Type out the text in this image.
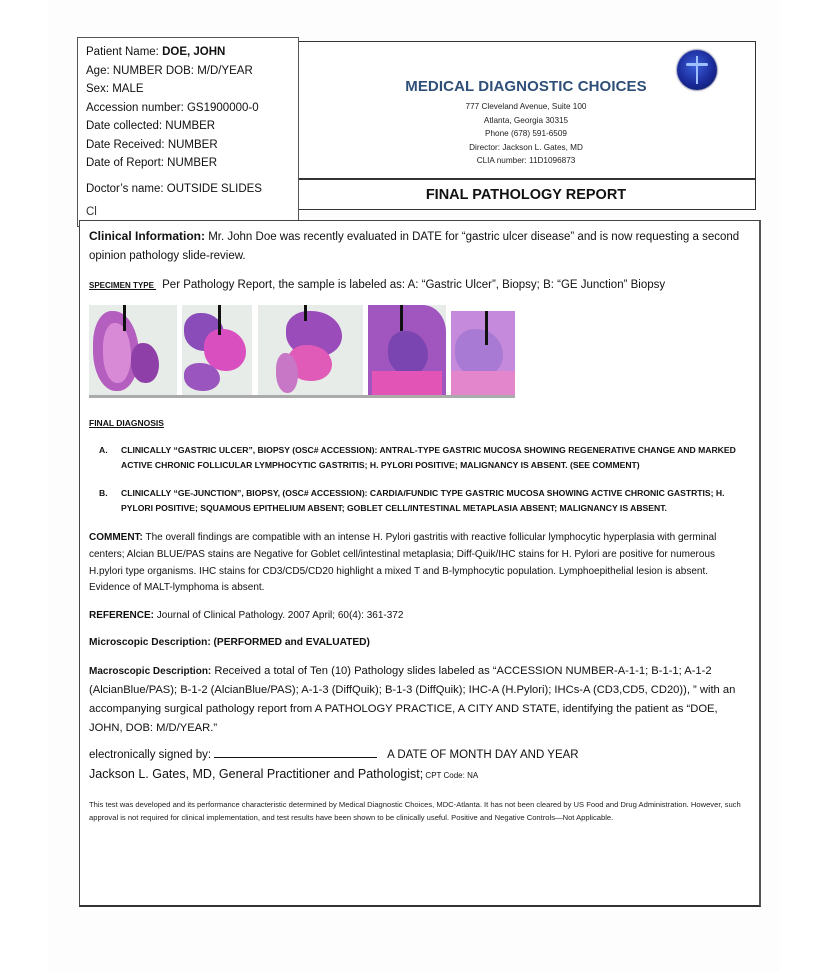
Patient Name: DOE, JOHN
Age: NUMBER DOB: M/D/YEAR
Sex: MALE
Accession number: GS1900000-0
Date collected: NUMBER
Date Received: NUMBER
Date of Report: NUMBER
Doctor’s name: OUTSIDE SLIDES
Cl
MEDICAL DIAGNOSTIC CHOICES
777 Cleveland Avenue, Suite 100
Atlanta, Georgia 30315
Phone (678) 591-6509
Director: Jackson L. Gates, MD
CLIA number: 11D1096873
FINAL PATHOLOGY REPORT
Clinical Information: Mr. John Doe was recently evaluated in DATE for “gastric ulcer disease” and is now requesting a second opinion pathology slide-review.
SPECIMEN TYPE Per Pathology Report, the sample is labeled as: A: “Gastric Ulcer”, Biopsy; B: “GE Junction” Biopsy
FINAL DIAGNOSIS
A.	CLINICALLY “GASTRIC ULCER”, BIOPSY (OSC# ACCESSION): ANTRAL-TYPE GASTRIC MUCOSA SHOWING REGENERATIVE CHANGE AND MARKED ACTIVE CHRONIC FOLLICULAR LYMPHOCYTIC GASTRITIS; H. PYLORI POSITIVE; MALIGNANCY IS ABSENT. (SEE COMMENT)
B.	CLINICALLY “GE-JUNCTION”, BIOPSY, (OSC# ACCESSION): CARDIA/FUNDIC TYPE GASTRIC MUCOSA SHOWING ACTIVE CHRONIC GASTRTIS; H. PYLORI POSITIVE; SQUAMOUS EPITHELIUM ABSENT; GOBLET CELL/INTESTINAL METAPLASIA ABSENT; MALIGNANCY IS ABSENT.
COMMENT: The overall findings are compatible with an intense H. Pylori gastritis with reactive follicular lymphocytic hyperplasia with germinal centers; Alcian BLUE/PAS stains are Negative for Goblet cell/intestinal metaplasia; Diff-Quik/IHC stains for H. Pylori are positive for numerous H.pylori type organisms. IHC stains for CD3/CD5/CD20 highlight a mixed T and B-lymphocytic population. Lymphoepithelial lesion is absent. Evidence of MALT-lymphoma is absent.
REFERENCE: Journal of Clinical Pathology. 2007 April; 60(4): 361-372
Microscopic Description: (PERFORMED and EVALUATED)
Macroscopic Description: Received a total of Ten (10) Pathology slides labeled as “ACCESSION NUMBER-A-1-1; B-1-1; A-1-2 (AlcianBlue/PAS); B-1-2 (AlcianBlue/PAS); A-1-3 (DiffQuik); B-1-3 (DiffQuik); IHC-A (H.Pylori); IHCs-A (CD3,CD5, CD20)), ” with an accompanying surgical pathology report from A PATHOLOGY PRACTICE, A CITY AND STATE, identifying the patient as “DOE, JOHN, DOB: M/D/YEAR.”
electronically signed by:	A DATE OF MONTH DAY AND YEAR
Jackson L. Gates, MD, General Practitioner and Pathologist; CPT Code: NA
This test was developed and its performance characteristic determined by Medical Diagnostic Choices, MDC-Atlanta. It has not been cleared by US Food and Drug Administration. However, such approval is not required for clinical implementation, and test results have been shown to be clinically useful. Positive and Negative Controls—Not Applicable.
